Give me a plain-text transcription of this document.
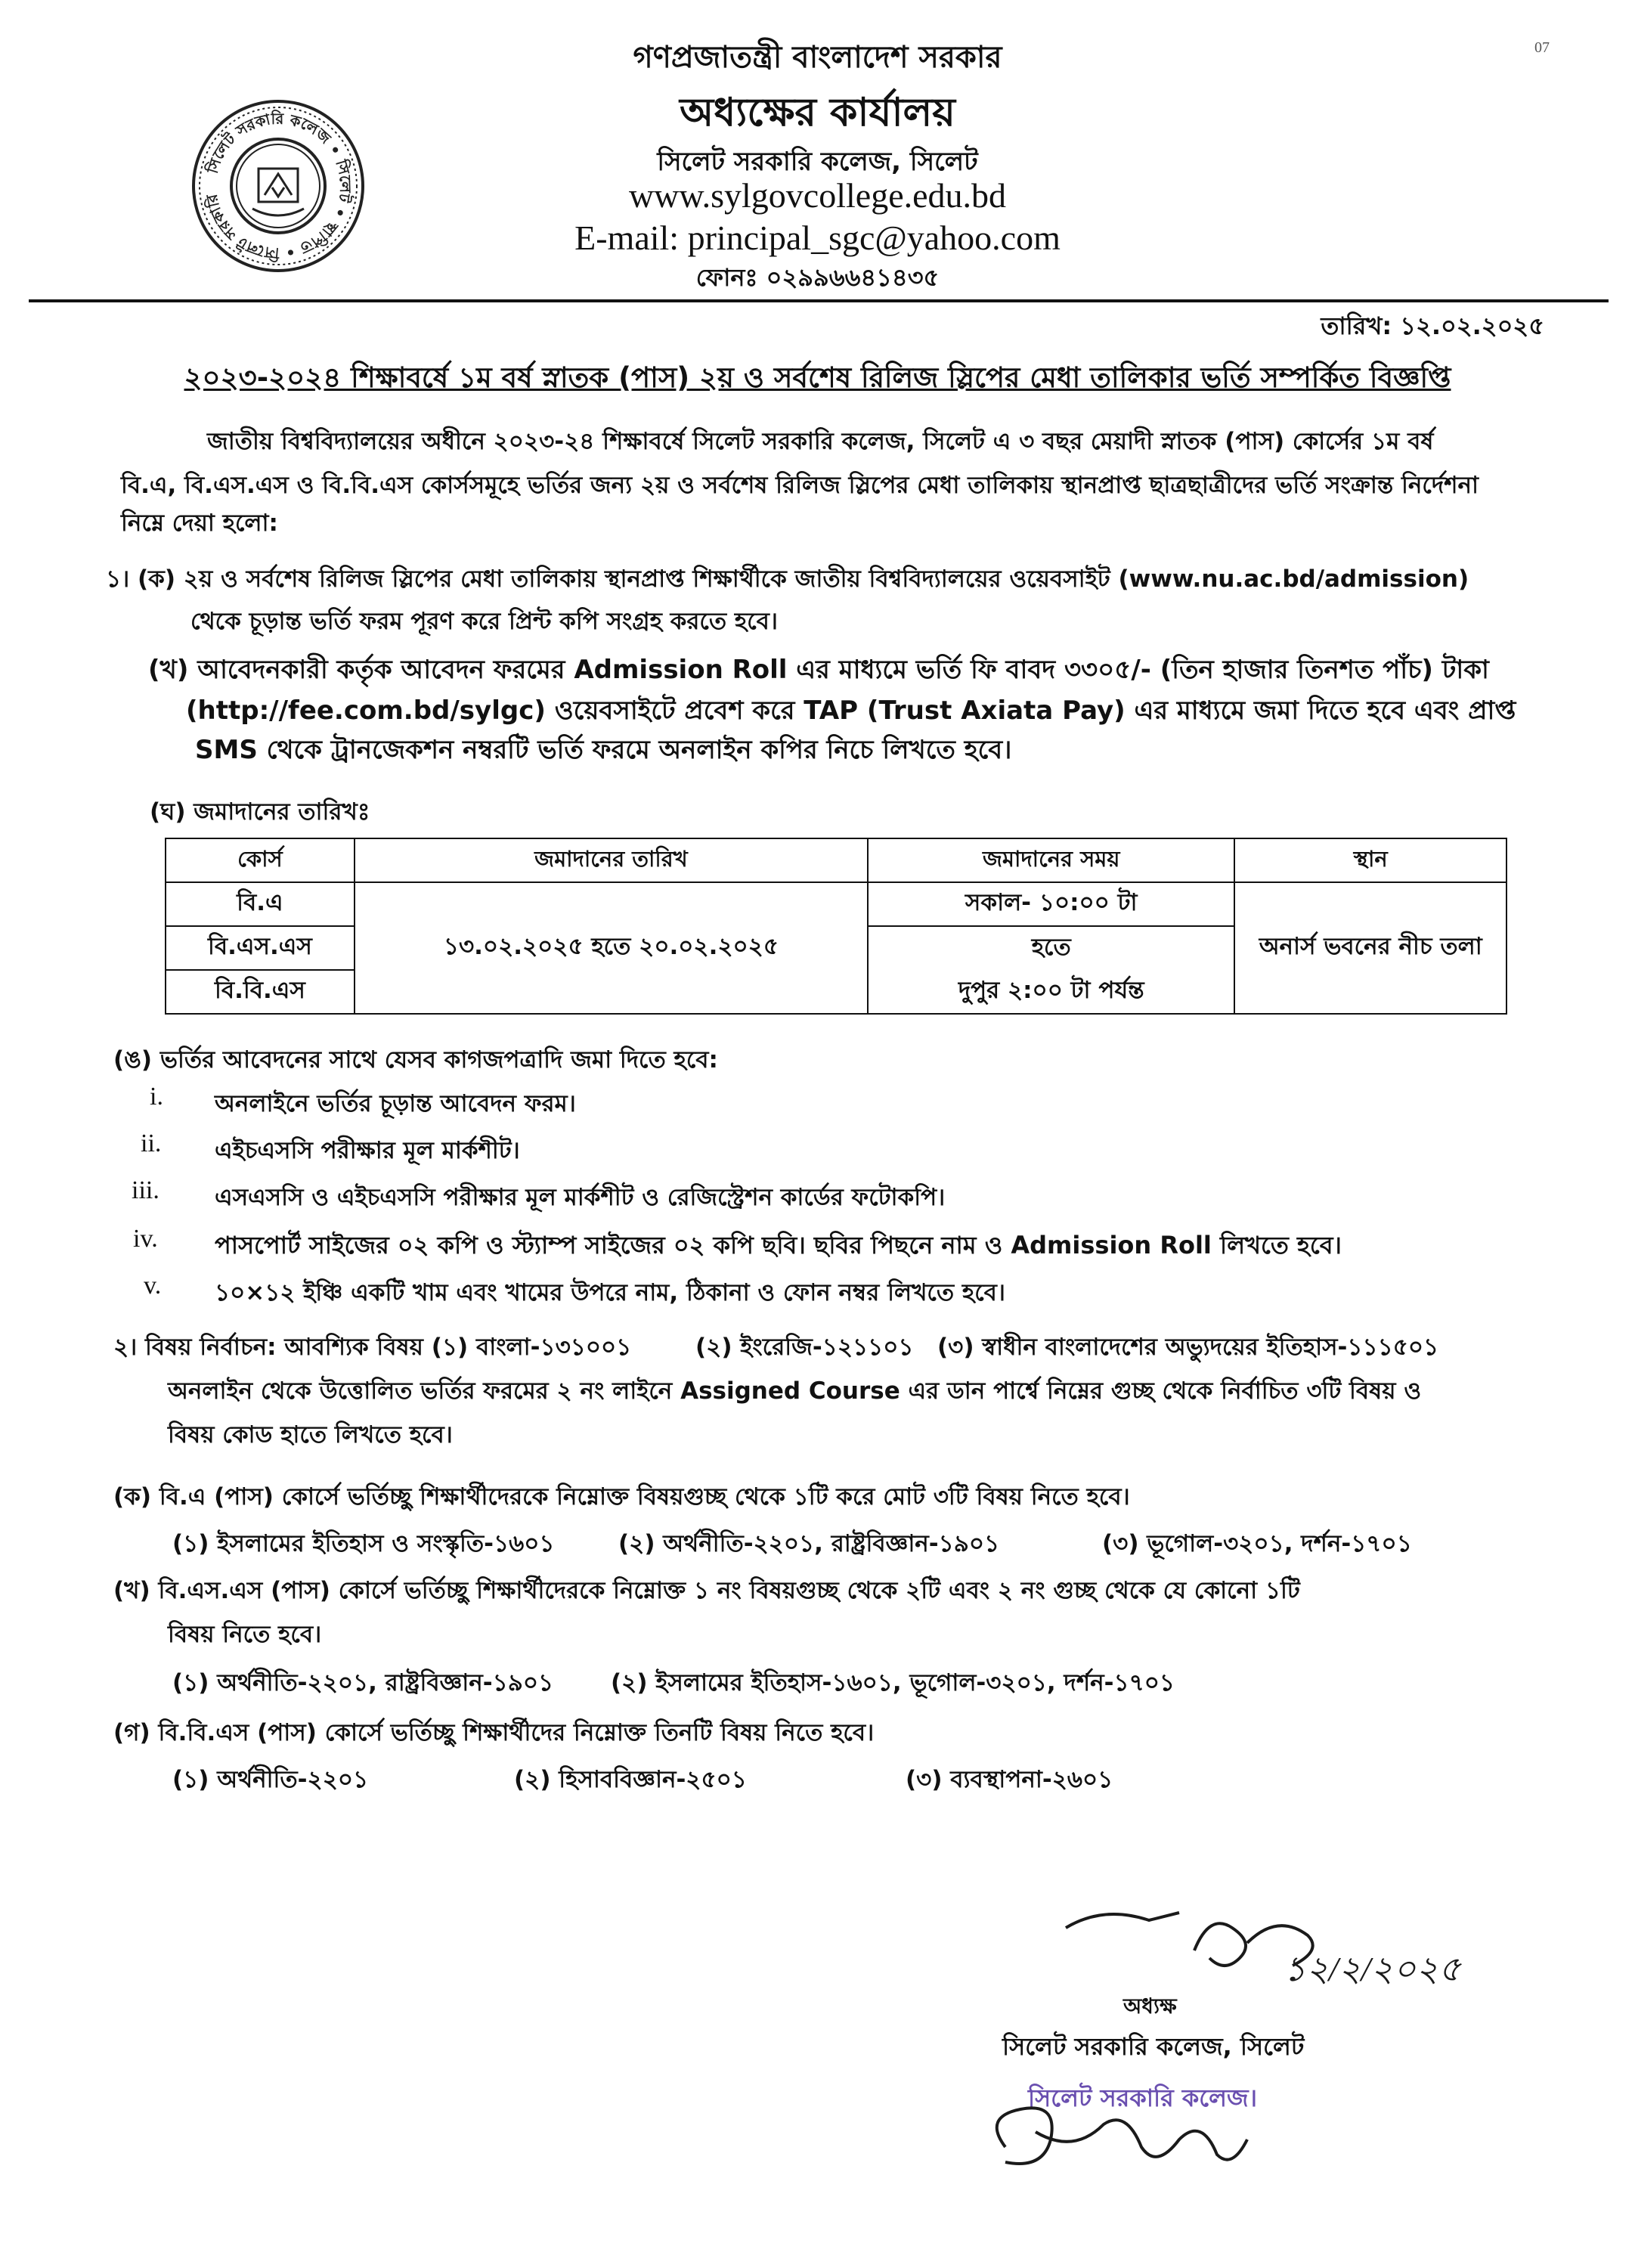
07
সিলেট সরকারি কলেজ • সিলেট • স্থাপিত • সিলেট সরকারি
গণপ্রজাতন্ত্রী বাংলাদেশ সরকার
অধ্যক্ষের কার্যালয়
সিলেট সরকারি কলেজ, সিলেট
www.sylgovcollege.edu.bd
E-mail: principal_sgc@yahoo.com
ফোনঃ ০২৯৯৬৬৪১৪৩৫
তারিখ: ১২.০২.২০২৫
২০২৩-২০২৪ শিক্ষাবর্ষে ১ম বর্ষ স্নাতক (পাস) ২য় ও সর্বশেষ রিলিজ স্লিপের মেধা তালিকার ভর্তি সম্পর্কিত বিজ্ঞপ্তি

জাতীয় বিশ্ববিদ্যালয়ের অধীনে ২০২৩-২৪ শিক্ষাবর্ষে সিলেট সরকারি কলেজ, সিলেট এ ৩ বছর মেয়াদী স্নাতক (পাস) কোর্সের ১ম বর্ষ

বি.এ, বি.এস.এস ও বি.বি.এস কোর্সসমূহে ভর্তির জন্য ২য় ও সর্বশেষ রিলিজ স্লিপের মেধা তালিকায় স্থানপ্রাপ্ত ছাত্রছাত্রীদের ভর্তি সংক্রান্ত নির্দেশনা

নিম্নে দেয়া হলো:

১। (ক) ২য় ও সর্বশেষ রিলিজ স্লিপের মেধা তালিকায় স্থানপ্রাপ্ত শিক্ষার্থীকে জাতীয় বিশ্ববিদ্যালয়ের ওয়েবসাইট (www.nu.ac.bd/admission)

থেকে চূড়ান্ত ভর্তি ফরম পূরণ করে প্রিন্ট কপি সংগ্রহ করতে হবে।

(খ) আবেদনকারী কর্তৃক আবেদন ফরমের Admission Roll এর মাধ্যমে ভর্তি ফি বাবদ ৩৩০৫/- (তিন হাজার তিনশত পাঁচ) টাকা

(http://fee.com.bd/sylgc) ওয়েবসাইটে প্রবেশ করে TAP (Trust Axiata Pay) এর মাধ্যমে জমা দিতে হবে এবং প্রাপ্ত

SMS থেকে ট্রানজেকশন নম্বরটি ভর্তি ফরমে অনলাইন কপির নিচে লিখতে হবে।

(ঘ) জমাদানের তারিখঃ

কোর্স	জমাদানের তারিখ	জমাদানের সময়	স্থান
বি.এ	১৩.০২.২০২৫ হতে ২০.০২.২০২৫	সকাল- ১০:০০ টা	অনার্স ভবনের নীচ তলা
বি.এস.এস		হতে	
বি.বি.এস		দুপুর ২:০০ টা পর্যন্ত	

(ঙ) ভর্তির আবেদনের সাথে যেসব কাগজপত্রাদি জমা দিতে হবে:

i. অনলাইনে ভর্তির চূড়ান্ত আবেদন ফরম।
ii. এইচএসসি পরীক্ষার মূল মার্কশীট।
iii. এসএসসি ও এইচএসসি পরীক্ষার মূল মার্কশীট ও রেজিস্ট্রেশন কার্ডের ফটোকপি।
iv. পাসপোর্ট সাইজের ০২ কপি ও স্ট্যাম্প সাইজের ০২ কপি ছবি। ছবির পিছনে নাম ও Admission Roll লিখতে হবে।
v. ১০×১২ ইঞ্চি একটি খাম এবং খামের উপরে নাম, ঠিকানা ও ফোন নম্বর লিখতে হবে।

২। বিষয় নির্বাচন: আবশ্যিক বিষয় (১) বাংলা-১৩১০০১	(২) ইংরেজি-১২১১০১ (৩) স্বাধীন বাংলাদেশের অভ্যুদয়ের ইতিহাস-১১১৫০১

অনলাইন থেকে উত্তোলিত ভর্তির ফরমের ২ নং লাইনে Assigned Course এর ডান পার্শ্বে নিম্নের গুচ্ছ থেকে নির্বাচিত ৩টি বিষয় ও

বিষয় কোড হাতে লিখতে হবে।

(ক) বি.এ (পাস) কোর্সে ভর্তিচ্ছু শিক্ষার্থীদেরকে নিম্নোক্ত বিষয়গুচ্ছ থেকে ১টি করে মোট ৩টি বিষয় নিতে হবে।

(১) ইসলামের ইতিহাস ও সংস্কৃতি-১৬০১	(২) অর্থনীতি-২২০১, রাষ্ট্রবিজ্ঞান-১৯০১	(৩) ভূগোল-৩২০১, দর্শন-১৭০১

(খ) বি.এস.এস (পাস) কোর্সে ভর্তিচ্ছু শিক্ষার্থীদেরকে নিম্নোক্ত ১ নং বিষয়গুচ্ছ থেকে ২টি এবং ২ নং গুচ্ছ থেকে যে কোনো ১টি

বিষয় নিতে হবে।

(১) অর্থনীতি-২২০১, রাষ্ট্রবিজ্ঞান-১৯০১ (২) ইসলামের ইতিহাস-১৬০১, ভূগোল-৩২০১, দর্শন-১৭০১

(গ) বি.বি.এস (পাস) কোর্সে ভর্তিচ্ছু শিক্ষার্থীদের নিম্নোক্ত তিনটি বিষয় নিতে হবে।

(১) অর্থনীতি-২২০১	(২) হিসাববিজ্ঞান-২৫০১	(৩) ব্যবস্থাপনা-২৬০১

১২/২/২০২৫
অধ্যক্ষ
সিলেট সরকারি কলেজ, সিলেট
সিলেট সরকারি কলেজ।
